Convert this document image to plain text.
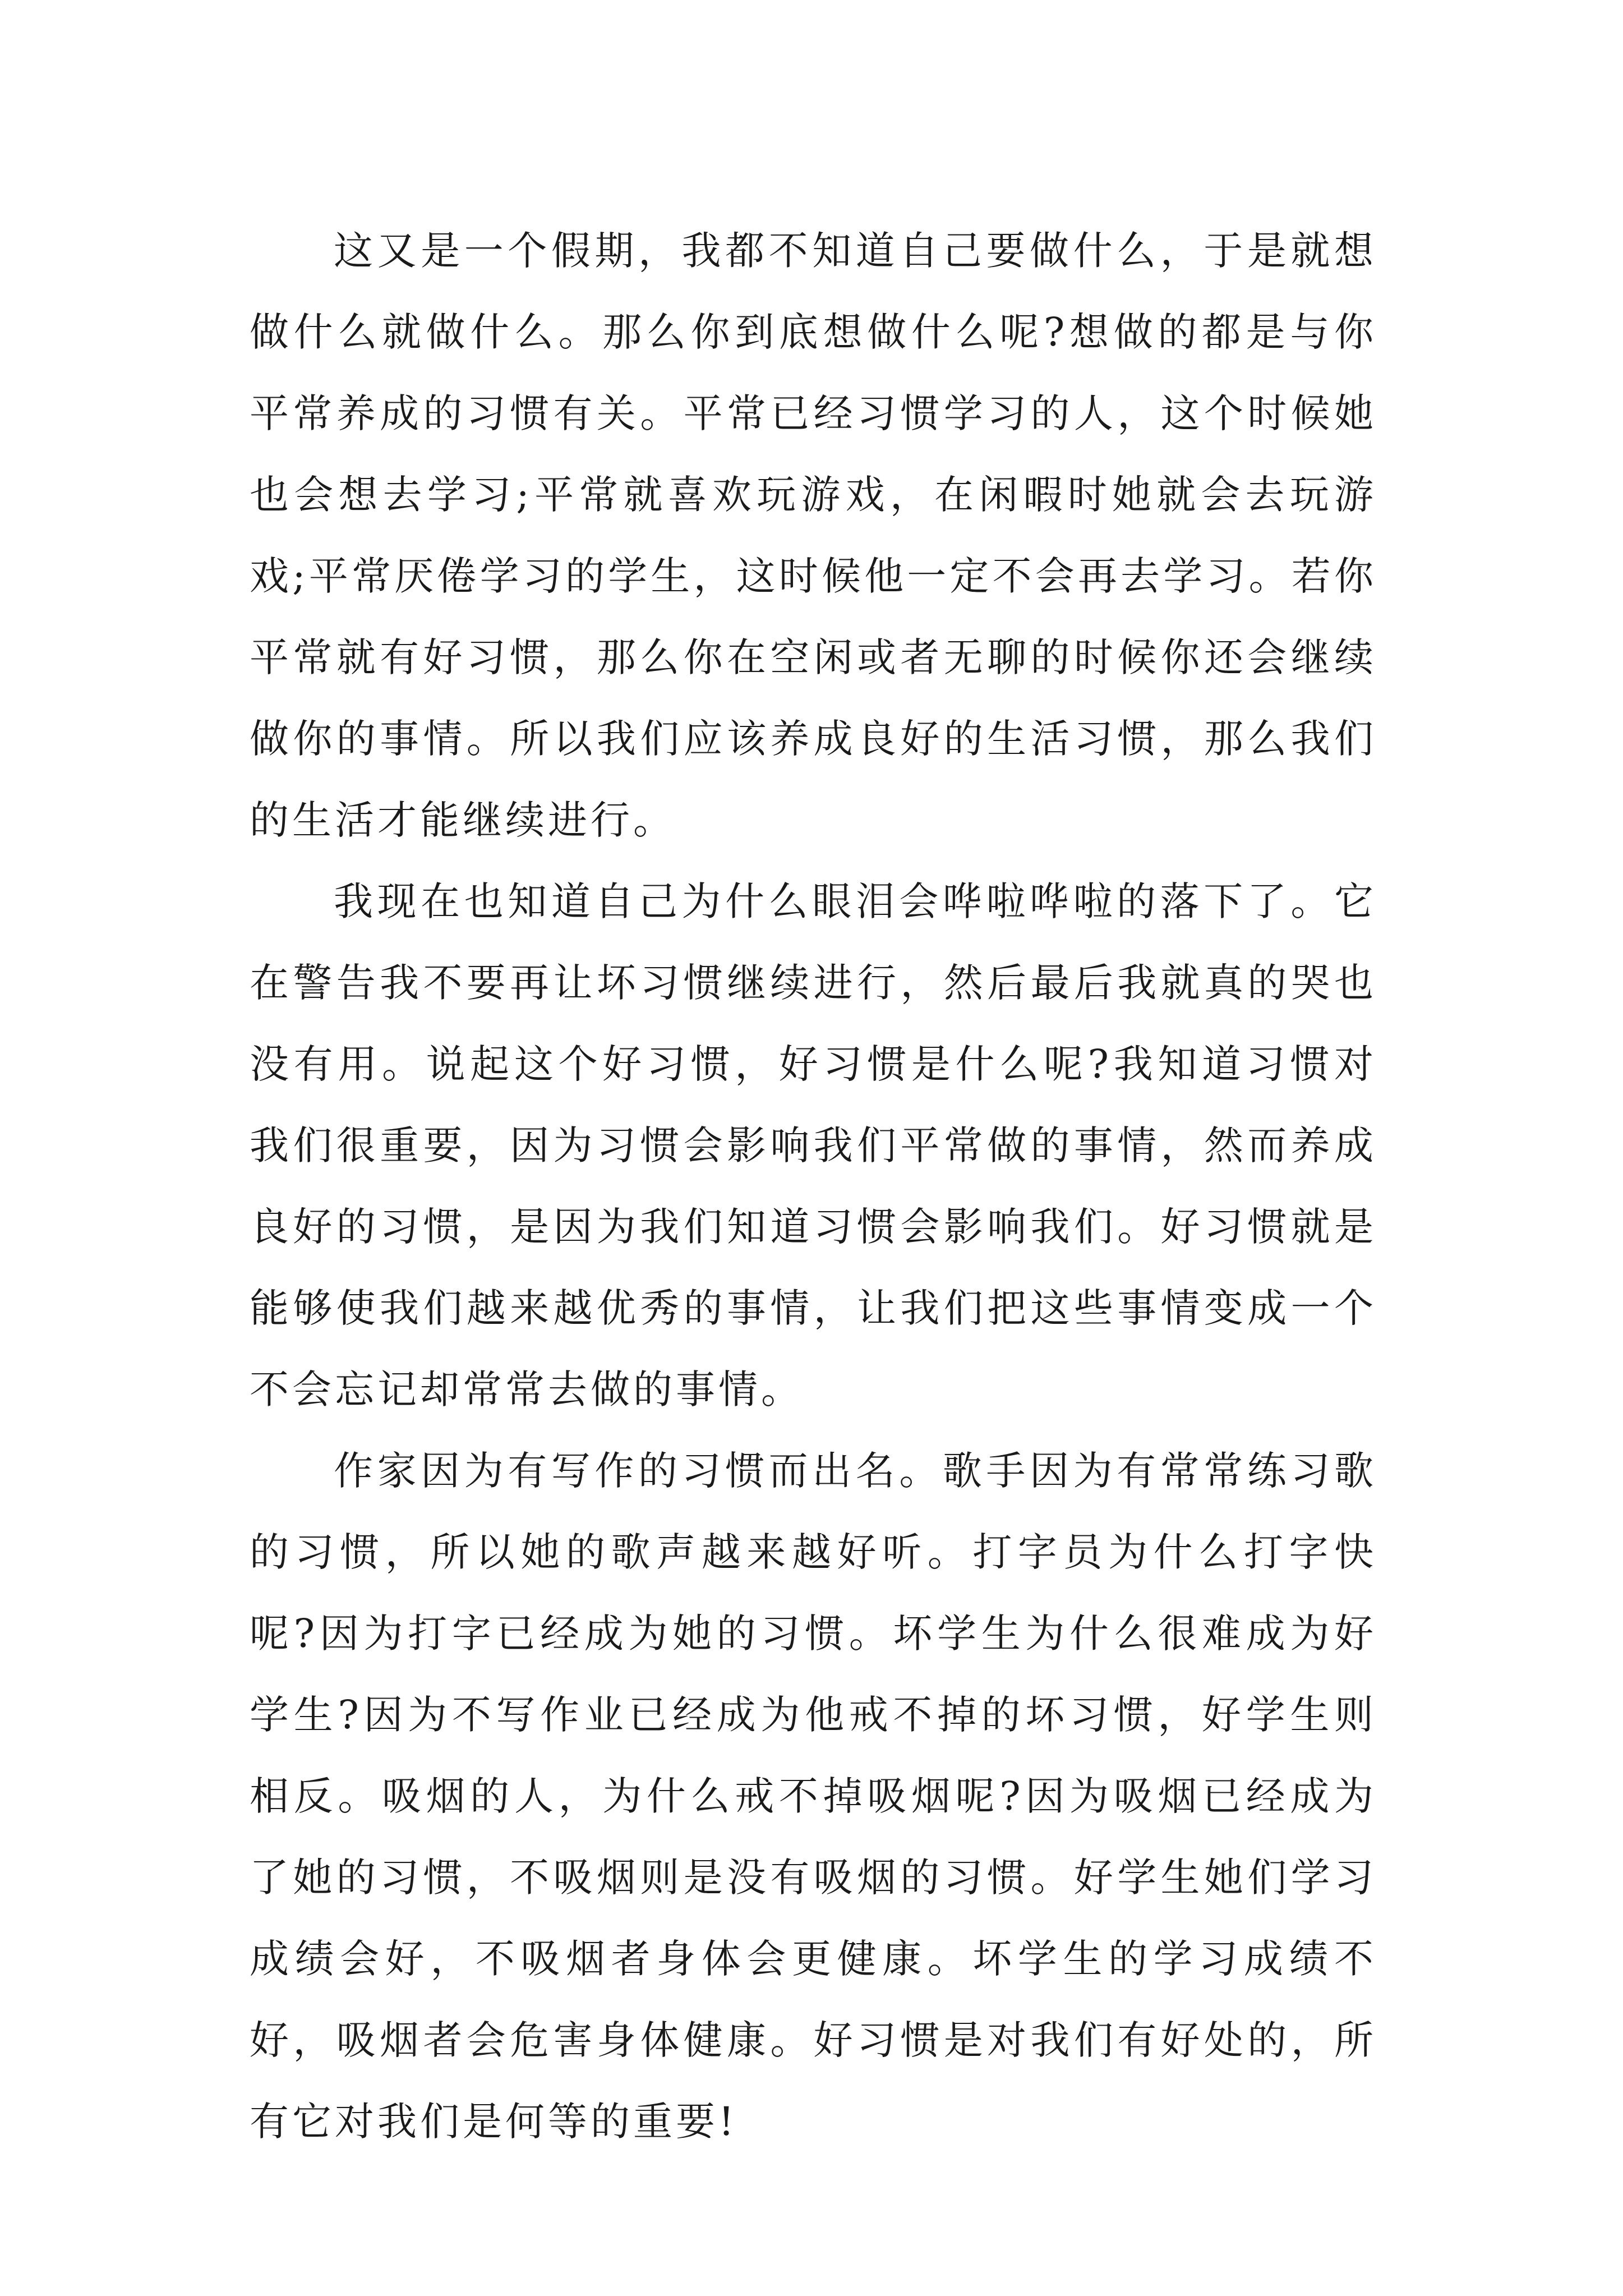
这又是一个假期，我都不知道自己要做什么，于是就想做什么就做什么。那么你到底想做什么呢?想做的都是与你平常养成的习惯有关。平常已经习惯学习的人，这个时候她也会想去学习;平常就喜欢玩游戏，在闲暇时她就会去玩游戏;平常厌倦学习的学生，这时候他一定不会再去学习。若你平常就有好习惯，那么你在空闲或者无聊的时候你还会继续做你的事情。所以我们应该养成良好的生活习惯，那么我们的生活才能继续进行。

我现在也知道自己为什么眼泪会哗啦哗啦的落下了。它在警告我不要再让坏习惯继续进行，然后最后我就真的哭也没有用。说起这个好习惯，好习惯是什么呢?我知道习惯对我们很重要，因为习惯会影响我们平常做的事情，然而养成良好的习惯，是因为我们知道习惯会影响我们。好习惯就是能够使我们越来越优秀的事情，让我们把这些事情变成一个不会忘记却常常去做的事情。

作家因为有写作的习惯而出名。歌手因为有常常练习歌的习惯，所以她的歌声越来越好听。打字员为什么打字快呢?因为打字已经成为她的习惯。坏学生为什么很难成为好学生?因为不写作业已经成为他戒不掉的坏习惯，好学生则相反。吸烟的人，为什么戒不掉吸烟呢?因为吸烟已经成为了她的习惯，不吸烟则是没有吸烟的习惯。好学生她们学习成绩会好，不吸烟者身体会更健康。坏学生的学习成绩不好，吸烟者会危害身体健康。好习惯是对我们有好处的，所有它对我们是何等的重要!
